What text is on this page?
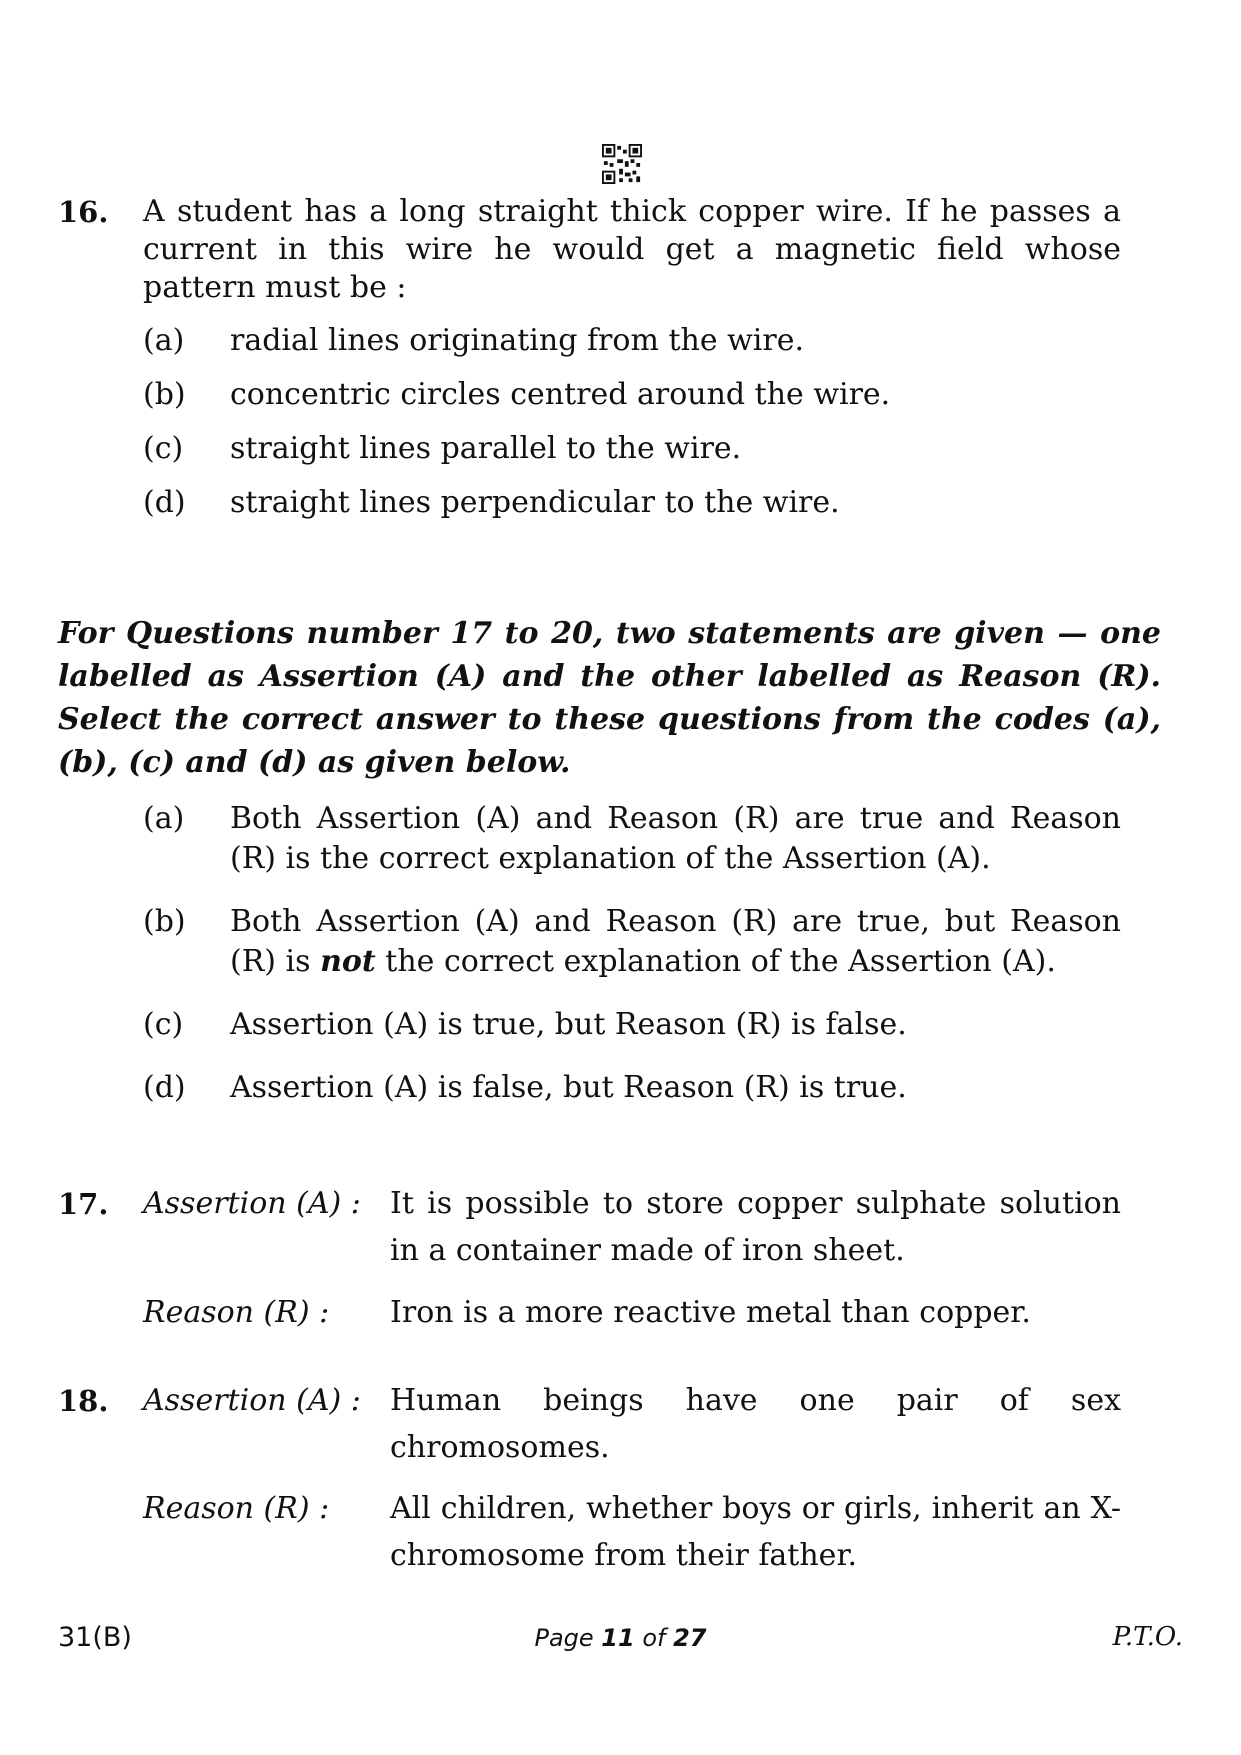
16. A student has a long straight thick copper wire. If he passes a current in this wire he would get a magnetic field whose pattern must be :
(a) radial lines originating from the wire.
(b) concentric circles centred around the wire.
(c) straight lines parallel to the wire.
(d) straight lines perpendicular to the wire.
For Questions number 17 to 20, two statements are given — one labelled as Assertion (A) and the other labelled as Reason (R). Select the correct answer to these questions from the codes (a), (b), (c) and (d) as given below.
(a) Both Assertion (A) and Reason (R) are true and Reason (R) is the correct explanation of the Assertion (A).
(b) Both Assertion (A) and Reason (R) are true, but Reason (R) is not the correct explanation of the Assertion (A).
(c) Assertion (A) is true, but Reason (R) is false.
(d) Assertion (A) is false, but Reason (R) is true.
17. Assertion (A) : It is possible to store copper sulphate solution in a container made of iron sheet.
Reason (R) : Iron is a more reactive metal than copper.
18. Assertion (A) : Human beings have one pair of sex chromosomes.
Reason (R) : All children, whether boys or girls, inherit an X-chromosome from their father.
31(B)	Page 11 of 27	P.T.O.
